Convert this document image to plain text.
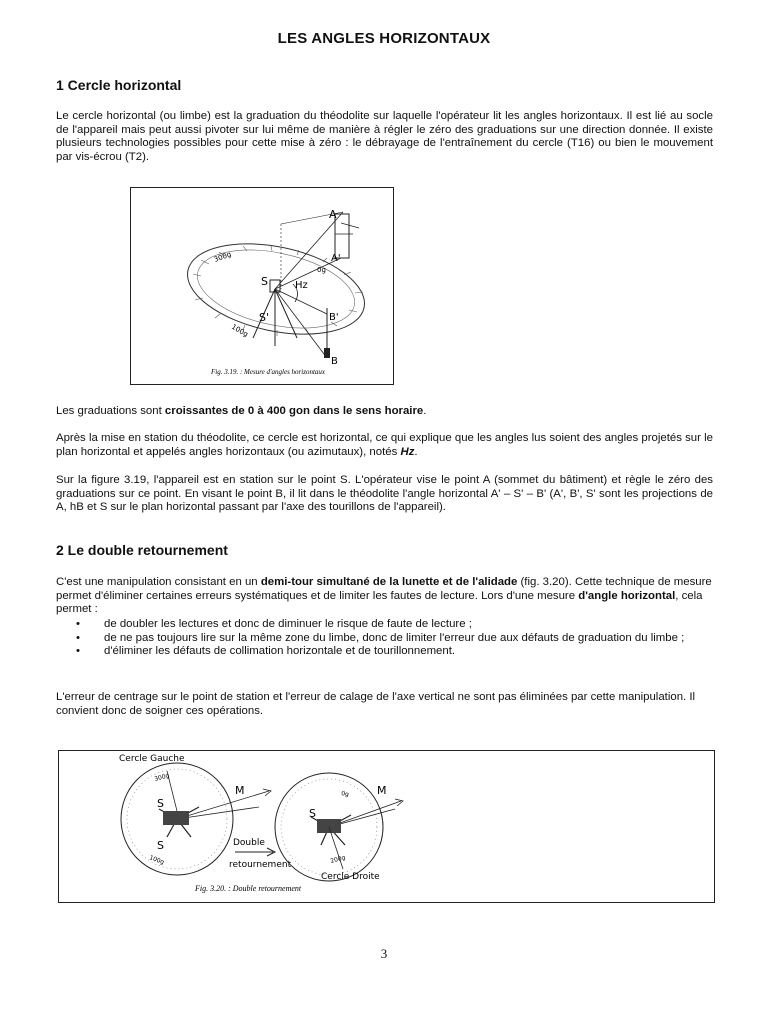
LES ANGLES HORIZONTAUX
1 Cercle horizontal
Le cercle horizontal (ou limbe) est la graduation du théodolite sur laquelle l'opérateur lit les angles horizontaux. Il est lié au socle de l'appareil mais peut aussi pivoter sur lui même de manière à régler le zéro des graduations sur une direction donnée. Il existe plusieurs technologies possibles pour cette mise à zéro : le débrayage de l'entraînement du cercle (T16) ou bien le mouvement par vis-écrou (T2).
A
A'
B'
B
S
S'
Hz
300g
100g
0g
Fig. 3.19. : Mesure d'angles horizontaux
Les graduations sont croissantes de 0 à 400 gon dans le sens horaire.
Après la mise en station du théodolite, ce cercle est horizontal, ce qui explique que les angles lus soient des angles projetés sur le plan horizontal et appelés angles horizontaux (ou azimutaux), notés Hz.
Sur la figure 3.19, l'appareil est en station sur le point S. L'opérateur vise le point A (sommet du bâtiment) et règle le zéro des graduations sur ce point. En visant le point B, il lit dans le théodolite l'angle horizontal A' – S' – B' (A', B', S' sont les projections de A, hB et S sur le plan horizontal passant par l'axe des tourillons de l'appareil).
2 Le double retournement
C'est une manipulation consistant en un demi-tour simultané de la lunette et de l'alidade (fig. 3.20). Cette technique de mesure permet d'éliminer certaines erreurs systématiques et de limiter les fautes de lecture. Lors d'une mesure d'angle horizontal, cela permet :
• de doubler les lectures et donc de diminuer le risque de faute de lecture ;
• de ne pas toujours lire sur la même zone du limbe, donc de limiter l'erreur due aux défauts de graduation du limbe ;
• d'éliminer les défauts de collimation horizontale et de tourillonnement.
L'erreur de centrage sur le point de station et l'erreur de calage de l'axe vertical ne sont pas éliminées par cette manipulation. Il convient donc de soigner ces opérations.
Cercle Gauche
M
S
S
300g
100g
Double
retournement
M
S
Cercle Droite
0g
200g
Fig. 3.20. : Double retournement
3
